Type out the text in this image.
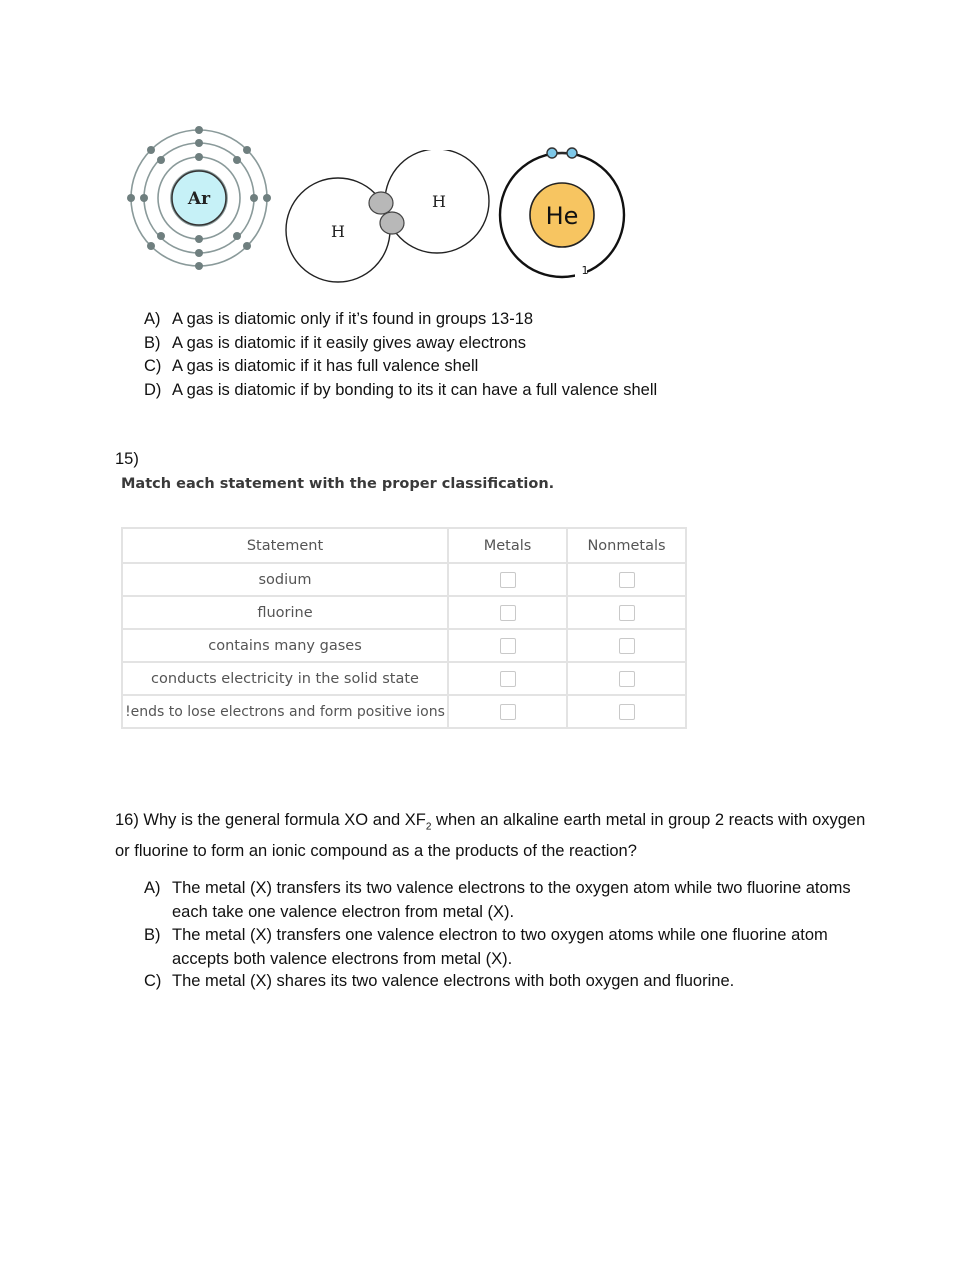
Ar
H
H
He
1
A) A gas is diatomic only if it’s found in groups 13-18
B) A gas is diatomic if it easily gives away electrons
C) A gas is diatomic if it has full valence shell
D) A gas is diatomic if by bonding to its it can have a full valence shell
15)
Match each statement with the proper classification.
Statement	Metals	Nonmetals
sodium		
fluorine		
contains many gases		
conducts electricity in the solid state		
!ends to lose electrons and form positive ions		
16) Why is the general formula XO and $XF_2$ when an alkaline earth metal in group 2 reacts with oxygen or fluorine to form an ionic compound as a the products of the reaction?
A) The metal (X) transfers its two valence electrons to the oxygen atom while two fluorine atoms each take one valence electron from metal (X).
B) The metal (X) transfers one valence electron to two oxygen atoms while one fluorine atom accepts both valence electrons from metal (X).
C) The metal (X) shares its two valence electrons with both oxygen and fluorine.
